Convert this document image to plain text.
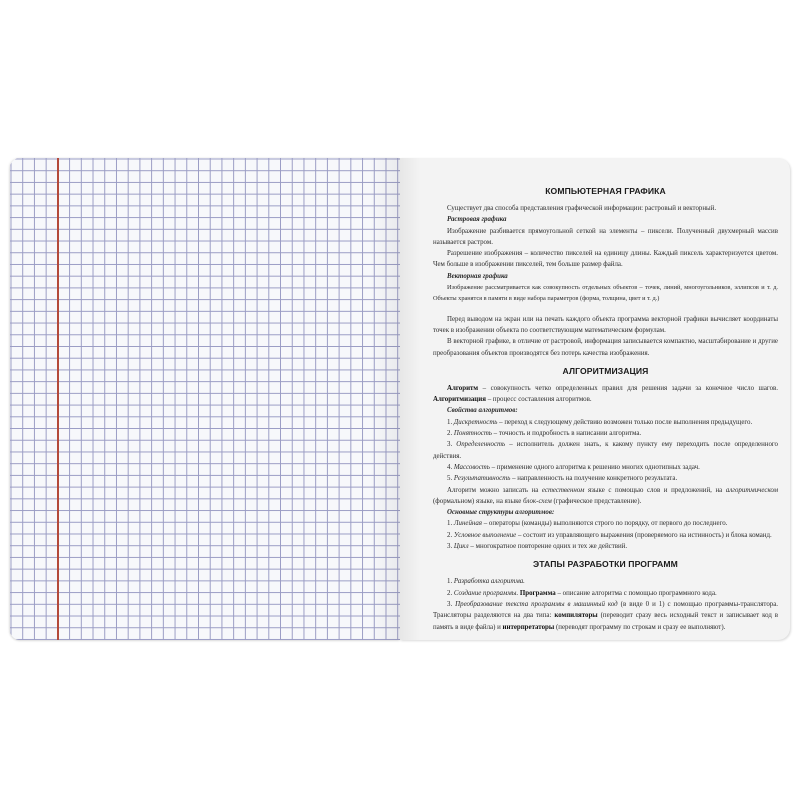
КОМПЬЮТЕРНАЯ ГРАФИКА

Существует два способа представления графической информации: растровый и векторный.

Растровая графика

Изображение разбивается прямоугольной сеткой на элементы – пиксели. Полученный двухмерный массив называется растром.

Разрешение изображения – количество пикселей на единицу длины. Каждый пиксель характеризуется цветом. Чем больше в изображении пикселей, тем больше размер файла.

Векторная графика

Изображение рассматривается как совокупность отдельных объектов – точек, линий, многоугольников, эллипсов и т. д. Объекты хранятся в памяти в виде набора параметров (форма, толщина, цвет и т. д.)

Перед выводом на экран или на печать каждого объекта программа векторной графики вычисляет координаты точек в изображении объекта по соответствующим математическим формулам.

В векторной графике, в отличие от растровой, информация записывается компактно, масштабирование и другие преобразования объектов производятся без потерь качества изображения.

АЛГОРИТМИЗАЦИЯ

Алгоритм – совокупность четко определенных правил для решения задачи за конечное число шагов. Алгоритмизация – процесс составления алгоритмов.

Свойства алгоритмов:

1. Дискретность – переход к следующему действию возможен только после выполнения предыдущего.

2. Понятность – точность и подробность в написании алгоритма.

3. Определенность – исполнитель должен знать, к какому пункту ему переходить после определенного действия.

4. Массовость – применение одного алгоритма к решению многих однотипных задач.

5. Результативность – направленность на получение конкретного результата.

Алгоритм можно записать на естественном языке с помощью слов и предложений, на алгоритмическом (формальном) языке, на языке блок-схем (графическое представление).

Основные структуры алгоритмов:

1. Линейная – операторы (команды) выполняются строго по порядку, от первого до последнего.

2. Условное выполнение – состоит из управляющего выражения (проверяемого на истинность) и блока команд.

3. Цикл – многократное повторение одних и тех же действий.

ЭТАПЫ РАЗРАБОТКИ ПРОГРАММ

1. Разработка алгоритма.

2. Создание программы. Программа – описание алгоритма с помощью программного кода.

3. Преобразование текста программы в машинный код (в виде 0 и 1) с помощью программы-транслятора. Трансляторы разделяются на два типа: компиляторы (переводит сразу весь исходный текст и записывает код в память в виде файла) и интерпретаторы (переводят программу по строкам и сразу ее выполняют).
